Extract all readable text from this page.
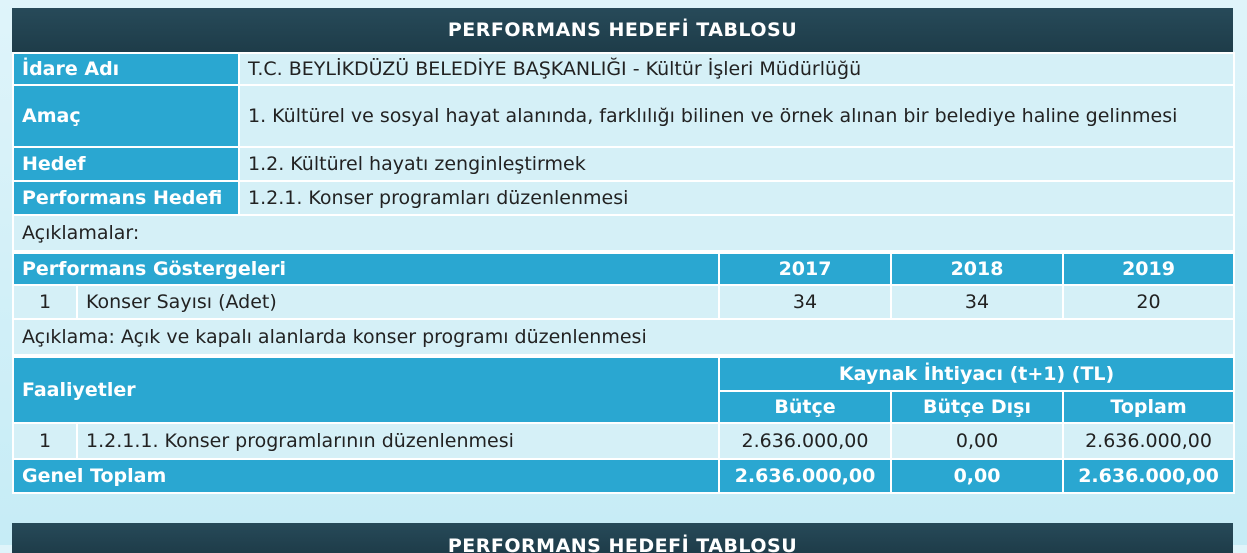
PERFORMANS HEDEFİ TABLOSU
İdare Adı	T.C. BEYLİKDÜZÜ BELEDİYE BAŞKANLIĞI - Kültür İşleri Müdürlüğü
Amaç	1. Kültürel ve sosyal hayat alanında, farklılığı bilinen ve örnek alınan bir belediye haline gelinmesi
Hedef	1.2. Kültürel hayatı zenginleştirmek
Performans Hedefi	1.2.1. Konser programları düzenlenmesi
Açıklamalar:	
Performans Göstergeleri		2017	2018	2019
1	Konser Sayısı (Adet)	34	34	20
Açıklama: Açık ve kapalı alanlarda konser programı düzenlenmesi				
Faaliyetler		Kaynak İhtiyacı (t+1) (TL)		
		Bütçe	Bütçe Dışı	Toplam
1	1.2.1.1. Konser programlarının düzenlenmesi	2.636.000,00	0,00	2.636.000,00
Genel Toplam		2.636.000,00	0,00	2.636.000,00
PERFORMANS HEDEFİ TABLOSU
